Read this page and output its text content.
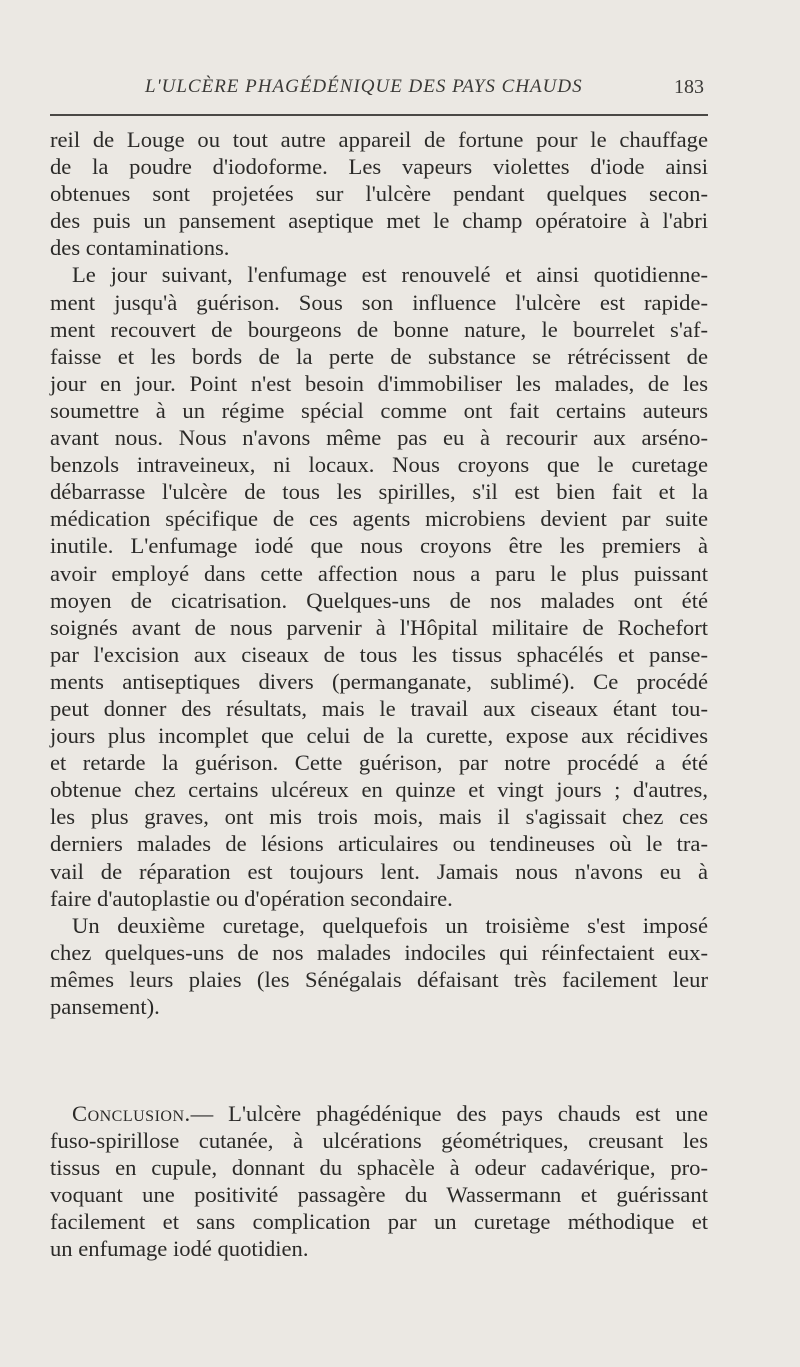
L'ULCÈRE PHAGÉDÉNIQUE DES PAYS CHAUDS	183
reil de Louge ou tout autre appareil de fortune pour le chauffage
de la poudre d'iodoforme. Les vapeurs violettes d'iode ainsi
obtenues sont projetées sur l'ulcère pendant quelques secon-
des puis un pansement aseptique met le champ opératoire à l'abri
des contaminations.
Le jour suivant, l'enfumage est renouvelé et ainsi quotidienne-
ment jusqu'à guérison. Sous son influence l'ulcère est rapide-
ment recouvert de bourgeons de bonne nature, le bourrelet s'af-
faisse et les bords de la perte de substance se rétrécissent de
jour en jour. Point n'est besoin d'immobiliser les malades, de les
soumettre à un régime spécial comme ont fait certains auteurs
avant nous. Nous n'avons même pas eu à recourir aux arséno-
benzols intraveineux, ni locaux. Nous croyons que le curetage
débarrasse l'ulcère de tous les spirilles, s'il est bien fait et la
médication spécifique de ces agents microbiens devient par suite
inutile. L'enfumage iodé que nous croyons être les premiers à
avoir employé dans cette affection nous a paru le plus puissant
moyen de cicatrisation. Quelques-uns de nos malades ont été
soignés avant de nous parvenir à l'Hôpital militaire de Rochefort
par l'excision aux ciseaux de tous les tissus sphacélés et panse-
ments antiseptiques divers (permanganate, sublimé). Ce procédé
peut donner des résultats, mais le travail aux ciseaux étant tou-
jours plus incomplet que celui de la curette, expose aux récidives
et retarde la guérison. Cette guérison, par notre procédé a été
obtenue chez certains ulcéreux en quinze et vingt jours ; d'autres,
les plus graves, ont mis trois mois, mais il s'agissait chez ces
derniers malades de lésions articulaires ou tendineuses où le tra-
vail de réparation est toujours lent. Jamais nous n'avons eu à
faire d'autoplastie ou d'opération secondaire.
Un deuxième curetage, quelquefois un troisième s'est imposé
chez quelques-uns de nos malades indociles qui réinfectaient eux-
mêmes leurs plaies (les Sénégalais défaisant très facilement leur
pansement).
Conclusion.— L'ulcère phagédénique des pays chauds est une
fuso-spirillose cutanée, à ulcérations géométriques, creusant les
tissus en cupule, donnant du sphacèle à odeur cadavérique, pro-
voquant une positivité passagère du Wassermann et guérissant
facilement et sans complication par un curetage méthodique et
un enfumage iodé quotidien.
